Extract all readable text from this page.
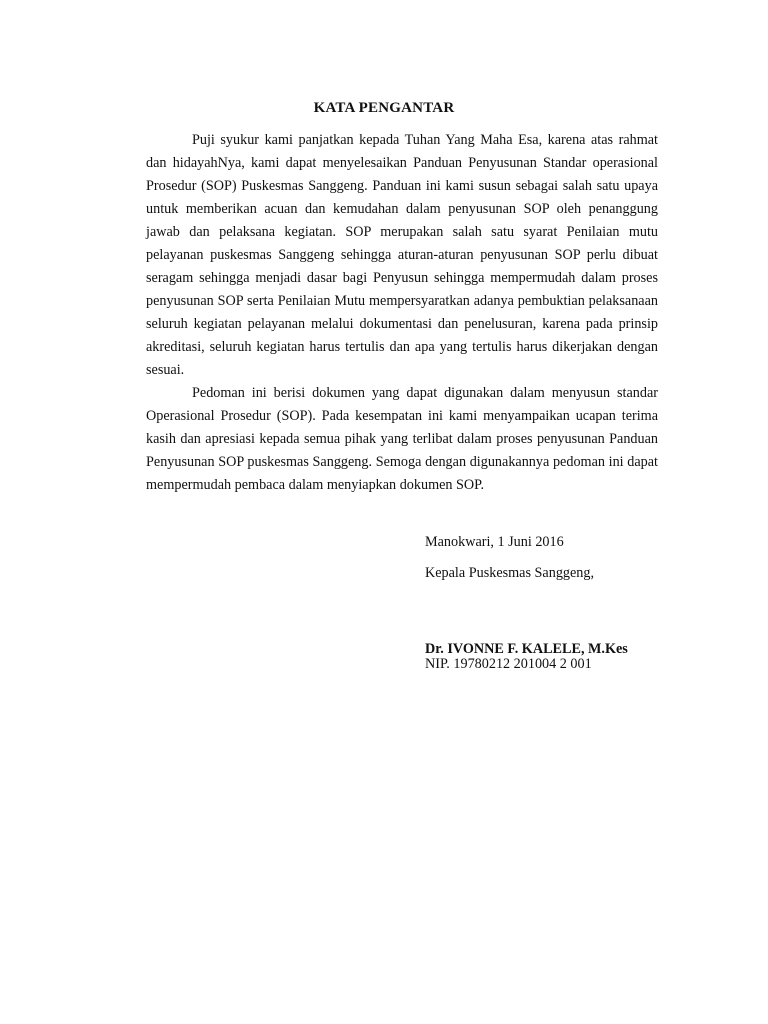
KATA PENGANTAR

Puji syukur kami panjatkan kepada Tuhan Yang Maha Esa, karena atas rahmat dan hidayahNya, kami dapat menyelesaikan Panduan Penyusunan Standar operasional Prosedur (SOP) Puskesmas Sanggeng. Panduan ini kami susun sebagai salah satu upaya untuk memberikan acuan dan kemudahan dalam penyusunan SOP oleh penanggung jawab dan pelaksana kegiatan. SOP merupakan salah satu syarat Penilaian mutu pelayanan puskesmas Sanggeng sehingga aturan-aturan penyusunan SOP perlu dibuat seragam sehingga menjadi dasar bagi Penyusun sehingga mempermudah dalam proses penyusunan SOP serta Penilaian Mutu mempersyaratkan adanya pembuktian pelaksanaan seluruh kegiatan pelayanan melalui dokumentasi dan penelusuran, karena pada prinsip akreditasi, seluruh kegiatan harus tertulis dan apa yang tertulis harus dikerjakan dengan sesuai.

Pedoman ini berisi dokumen yang dapat digunakan dalam menyusun standar Operasional Prosedur (SOP). Pada kesempatan ini kami menyampaikan ucapan terima kasih dan apresiasi kepada semua pihak yang terlibat dalam proses penyusunan Panduan Penyusunan SOP puskesmas Sanggeng. Semoga dengan digunakannya pedoman ini dapat mempermudah pembaca dalam menyiapkan dokumen SOP.

Manokwari, 1 Juni 2016
Kepala Puskesmas Sanggeng,
Dr. IVONNE F. KALELE, M.Kes
NIP. 19780212 201004 2 001
